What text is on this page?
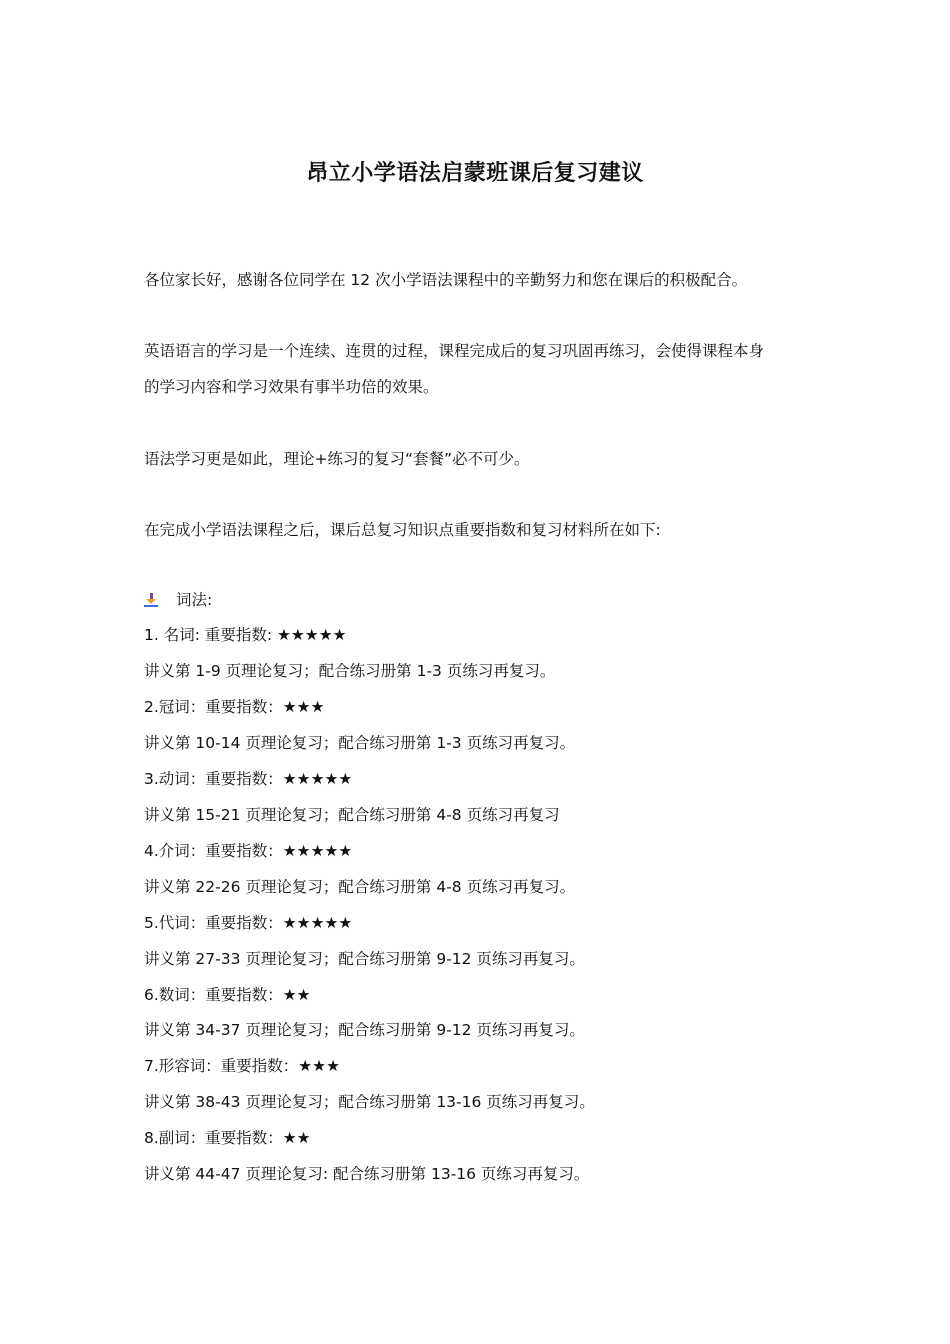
昂立小学语法启蒙班课后复习建议
各位家长好，感谢各位同学在 12 次小学语法课程中的辛勤努力和您在课后的积极配合。
英语语言的学习是一个连续、连贯的过程，课程完成后的复习巩固再练习，会使得课程本身
的学习内容和学习效果有事半功倍的效果。
语法学习更是如此，理论+练习的复习“套餐”必不可少。
在完成小学语法课程之后，课后总复习知识点重要指数和复习材料所在如下:
词法:
1. 名词: 重要指数: ★★★★★
讲义第 1-9 页理论复习；配合练习册第 1-3 页练习再复习。
2.冠词：重要指数：★★★
讲义第 10-14 页理论复习；配合练习册第 1-3 页练习再复习。
3.动词：重要指数：★★★★★
讲义第 15-21 页理论复习；配合练习册第 4-8 页练习再复习
4.介词：重要指数：★★★★★
讲义第 22-26 页理论复习；配合练习册第 4-8 页练习再复习。
5.代词：重要指数：★★★★★
讲义第 27-33 页理论复习；配合练习册第 9-12 页练习再复习。
6.数词：重要指数：★★
讲义第 34-37 页理论复习；配合练习册第 9-12 页练习再复习。
7.形容词：重要指数：★★★
讲义第 38-43 页理论复习；配合练习册第 13-16 页练习再复习。
8.副词：重要指数：★★
讲义第 44-47 页理论复习: 配合练习册第 13-16 页练习再复习。
